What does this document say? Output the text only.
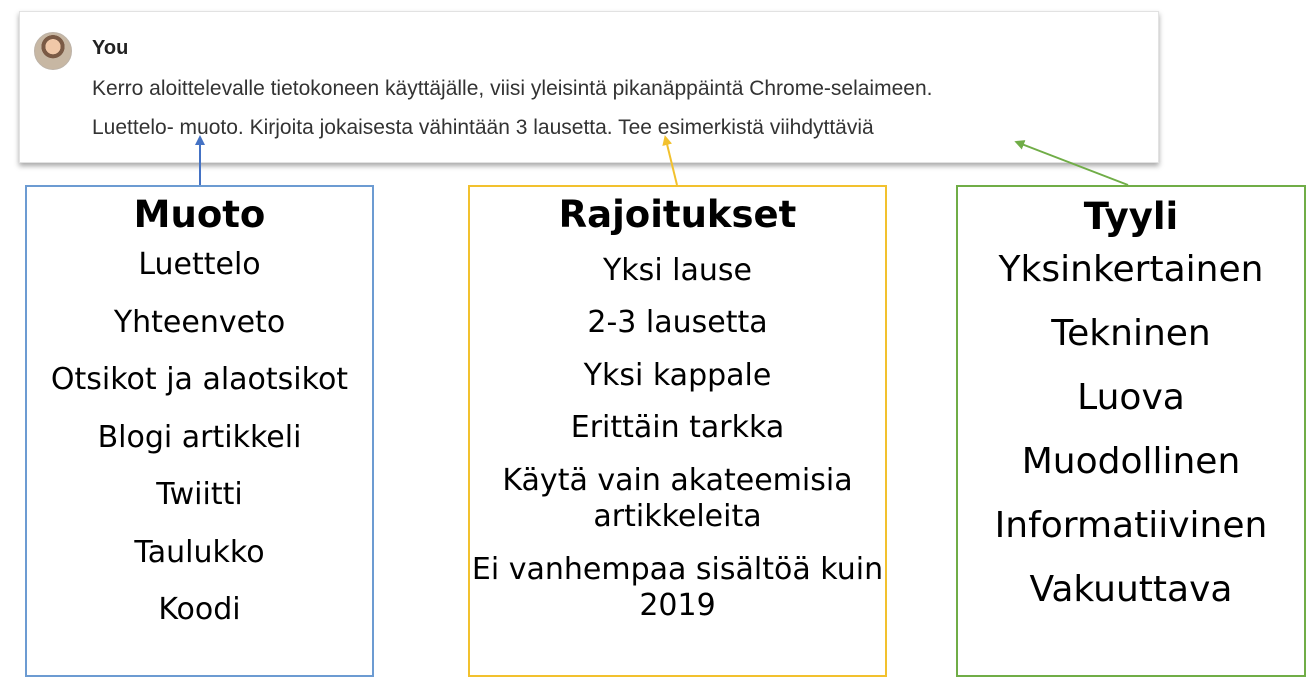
You
Kerro aloittelevalle tietokoneen käyttäjälle, viisi yleisintä pikanäppäintä Chrome-selaimeen.
Luettelo- muoto. Kirjoita jokaisesta vähintään 3 lausetta. Tee esimerkistä viihdyttäviä
Muoto
Luettelo
Yhteenveto
Otsikot ja alaotsikot
Blogi artikkeli
Twiitti
Taulukko
Koodi
Rajoitukset
Yksi lause
2-3 lausetta
Yksi kappale
Erittäin tarkka
Käytä vain akateemisia artikkeleita
Ei vanhempaa sisältöä kuin 2019
Tyyli
Yksinkertainen
Tekninen
Luova
Muodollinen
Informatiivinen
Vakuuttava
